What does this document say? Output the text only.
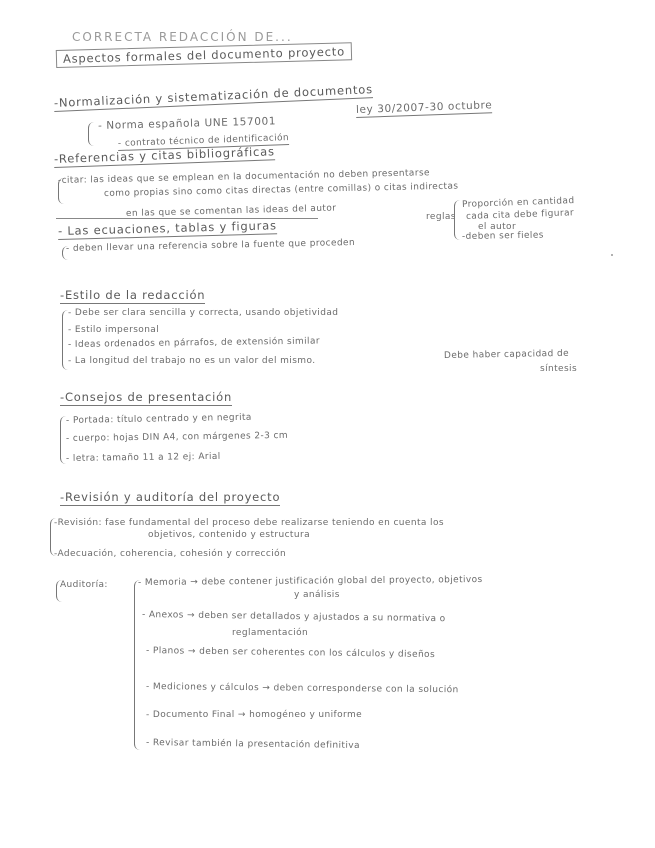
CORRECTA REDACCIÓN DE...
Aspectos formales del documento proyecto
-Normalización y sistematización de documentos
- Norma española UNE 157001
ley 30/2007-30 octubre
- contrato técnico de identificación
-Referencias y citas bibliográficas
-citar: las ideas que se emplean en la documentación no deben presentarse
como propias sino como citas directas (entre comillas) o citas indirectas
en las que se comentan las ideas del autor	reglas
Proporción en cantidad
cada cita debe figurar
el autor
-deben ser fieles
- Las ecuaciones, tablas y figuras
- deben llevar una referencia sobre la fuente que proceden
-Estilo de la redacción
- Debe ser clara sencilla y correcta, usando objetividad
- Estilo impersonal
- Ideas ordenados en párrafos, de extensión similar
- La longitud del trabajo no es un valor del mismo.
Debe haber capacidad de
síntesis
-Consejos de presentación
- Portada: título centrado y en negrita
- cuerpo: hojas DIN A4, con márgenes 2-3 cm
- letra: tamaño 11 a 12 ej: Arial
-Revisión y auditoría del proyecto
-Revisión: fase fundamental del proceso debe realizarse teniendo en cuenta los
objetivos, contenido y estructura
-Adecuación, coherencia, cohesión y corrección
Auditoría:	- Memoria → debe contener justificación global del proyecto, objetivos
y análisis
- Anexos → deben ser detallados y ajustados a su normativa o
reglamentación
- Planos → deben ser coherentes con los cálculos y diseños
- Mediciones y cálculos → deben corresponderse con la solución
- Documento Final → homogéneo y uniforme
- Revisar también la presentación definitiva
